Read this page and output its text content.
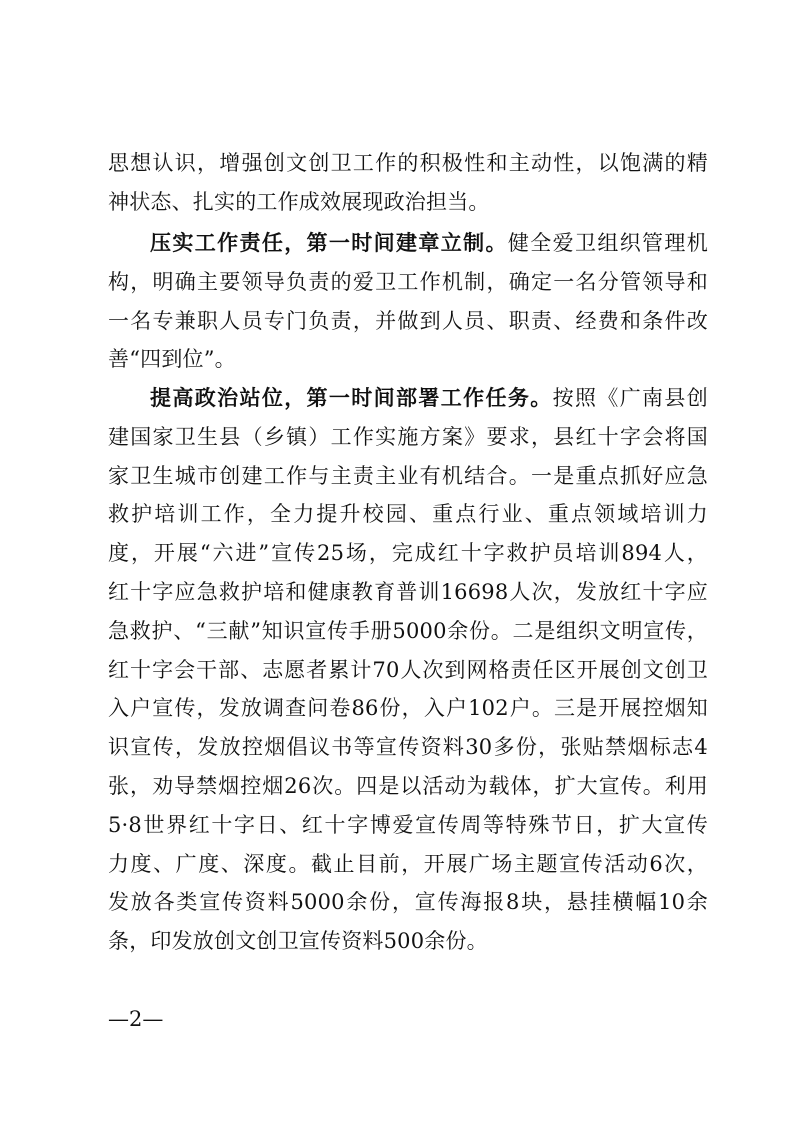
思想认识，增强创文创卫工作的积极性和主动性，以饱满的精
神状态、扎实的工作成效展现政治担当。
压实工作责任，第一时间建章立制。健全爱卫组织管理机
构，明确主要领导负责的爱卫工作机制，确定一名分管领导和
一名专兼职人员专门负责，并做到人员、职责、经费和条件改
善“四到位”。
提高政治站位，第一时间部署工作任务。按照《广南县创
建国家卫生县（乡镇）工作实施方案》要求，县红十字会将国
家卫生城市创建工作与主责主业有机结合。一是重点抓好应急
救护培训工作，全力提升校园、重点行业、重点领域培训力
度，开展“六进”宣传25场，完成红十字救护员培训894人，
红十字应急救护培和健康教育普训16698人次，发放红十字应
急救护、“三献”知识宣传手册5000余份。二是组织文明宣传，
红十字会干部、志愿者累计70人次到网格责任区开展创文创卫
入户宣传，发放调查问卷86份，入户102户。三是开展控烟知
识宣传，发放控烟倡议书等宣传资料30多份，张贴禁烟标志4
张，劝导禁烟控烟26次。四是以活动为载体，扩大宣传。利用
5·8世界红十字日、红十字博爱宣传周等特殊节日，扩大宣传
力度、广度、深度。截止目前，开展广场主题宣传活动6次，
发放各类宣传资料5000余份，宣传海报8块，悬挂横幅10余
条，印发放创文创卫宣传资料500余份。
—2—
